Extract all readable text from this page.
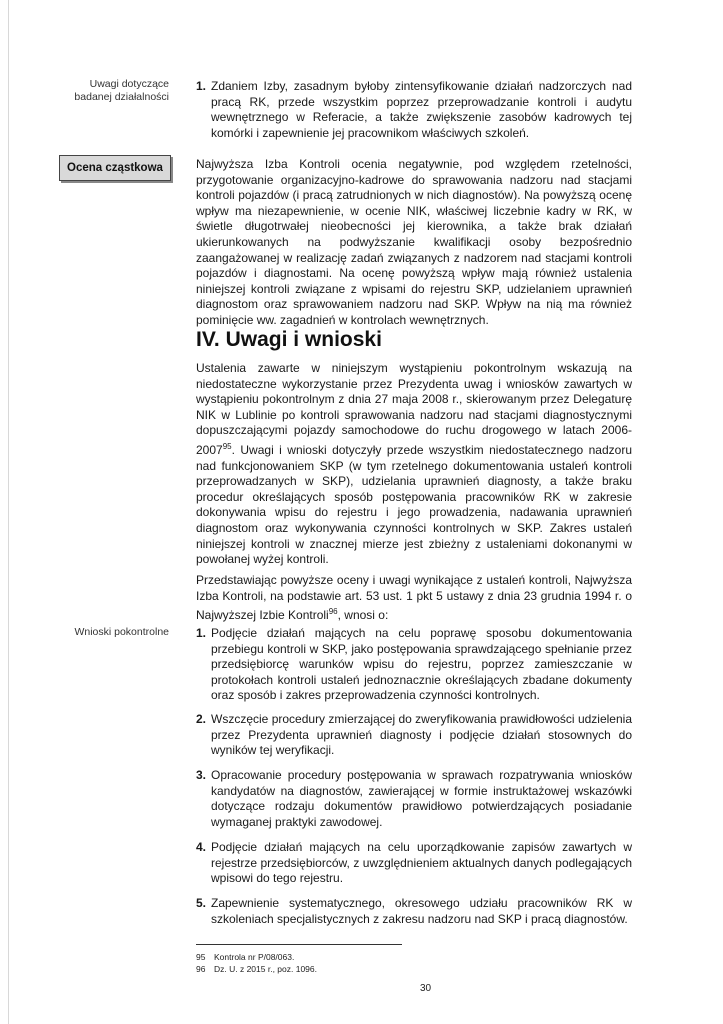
Uwagi dotyczące badanej działalności
Ocena cząstkowa
Wnioski pokontrolne
1. Zdaniem Izby, zasadnym byłoby zintensyfikowanie działań nadzorczych nad pracą RK, przede wszystkim poprzez przeprowadzanie kontroli i audytu wewnętrznego w Referacie, a także zwiększenie zasobów kadrowych tej komórki i zapewnienie jej pracownikom właściwych szkoleń.

Najwyższa Izba Kontroli ocenia negatywnie, pod względem rzetelności, przygotowanie organizacyjno-kadrowe do sprawowania nadzoru nad stacjami kontroli pojazdów (i pracą zatrudnionych w nich diagnostów). Na powyższą ocenę wpływ ma niezapewnienie, w ocenie NIK, właściwej liczebnie kadry w RK, w świetle długotrwałej nieobecności jej kierownika, a także brak działań ukierunkowanych na podwyższanie kwalifikacji osoby bezpośrednio zaangażowanej w realizację zadań związanych z nadzorem nad stacjami kontroli pojazdów i diagnostami. Na ocenę powyższą wpływ mają również ustalenia niniejszej kontroli związane z wpisami do rejestru SKP, udzielaniem uprawnień diagnostom oraz sprawowaniem nadzoru nad SKP. Wpływ na nią ma również pominięcie ww. zagadnień w kontrolach wewnętrznych.

IV. Uwagi i wnioski

Ustalenia zawarte w niniejszym wystąpieniu pokontrolnym wskazują na niedostateczne wykorzystanie przez Prezydenta uwag i wniosków zawartych w wystąpieniu pokontrolnym z dnia 27 maja 2008 r., skierowanym przez Delegaturę NIK w Lublinie po kontroli sprawowania nadzoru nad stacjami diagnostycznymi dopuszczającymi pojazdy samochodowe do ruchu drogowego w latach 2006-2007$^{95}$. Uwagi i wnioski dotyczyły przede wszystkim niedostatecznego nadzoru nad funkcjonowaniem SKP (w tym rzetelnego dokumentowania ustaleń kontroli przeprowadzanych w SKP), udzielania uprawnień diagnosty, a także braku procedur określających sposób postępowania pracowników RK w zakresie dokonywania wpisu do rejestru i jego prowadzenia, nadawania uprawnień diagnostom oraz wykonywania czynności kontrolnych w SKP. Zakres ustaleń niniejszej kontroli w znacznej mierze jest zbieżny z ustaleniami dokonanymi w powołanej wyżej kontroli.

Przedstawiając powyższe oceny i uwagi wynikające z ustaleń kontroli, Najwyższa Izba Kontroli, na podstawie art. 53 ust. 1 pkt 5 ustawy z dnia 23 grudnia 1994 r. o Najwyższej Izbie Kontroli$^{96}$, wnosi o:

1. Podjęcie działań mających na celu poprawę sposobu dokumentowania przebiegu kontroli w SKP, jako postępowania sprawdzającego spełnianie przez przedsiębiorcę warunków wpisu do rejestru, poprzez zamieszczanie w protokołach kontroli ustaleń jednoznacznie określających zbadane dokumenty oraz sposób i zakres przeprowadzenia czynności kontrolnych.
2. Wszczęcie procedury zmierzającej do zweryfikowania prawidłowości udzielenia przez Prezydenta uprawnień diagnosty i podjęcie działań stosownych do wyników tej weryfikacji.
3. Opracowanie procedury postępowania w sprawach rozpatrywania wniosków kandydatów na diagnostów, zawierającej w formie instruktażowej wskazówki dotyczące rodzaju dokumentów prawidłowo potwierdzających posiadanie wymaganej praktyki zawodowej.
4. Podjęcie działań mających na celu uporządkowanie zapisów zawartych w rejestrze przedsiębiorców, z uwzględnieniem aktualnych danych podlegających wpisowi do tego rejestru.
5. Zapewnienie systematycznego, okresowego udziału pracowników RK w szkoleniach specjalistycznych z zakresu nadzoru nad SKP i pracą diagnostów.
95 Kontrola nr P/08/063.
96 Dz. U. z 2015 r., poz. 1096.
30
